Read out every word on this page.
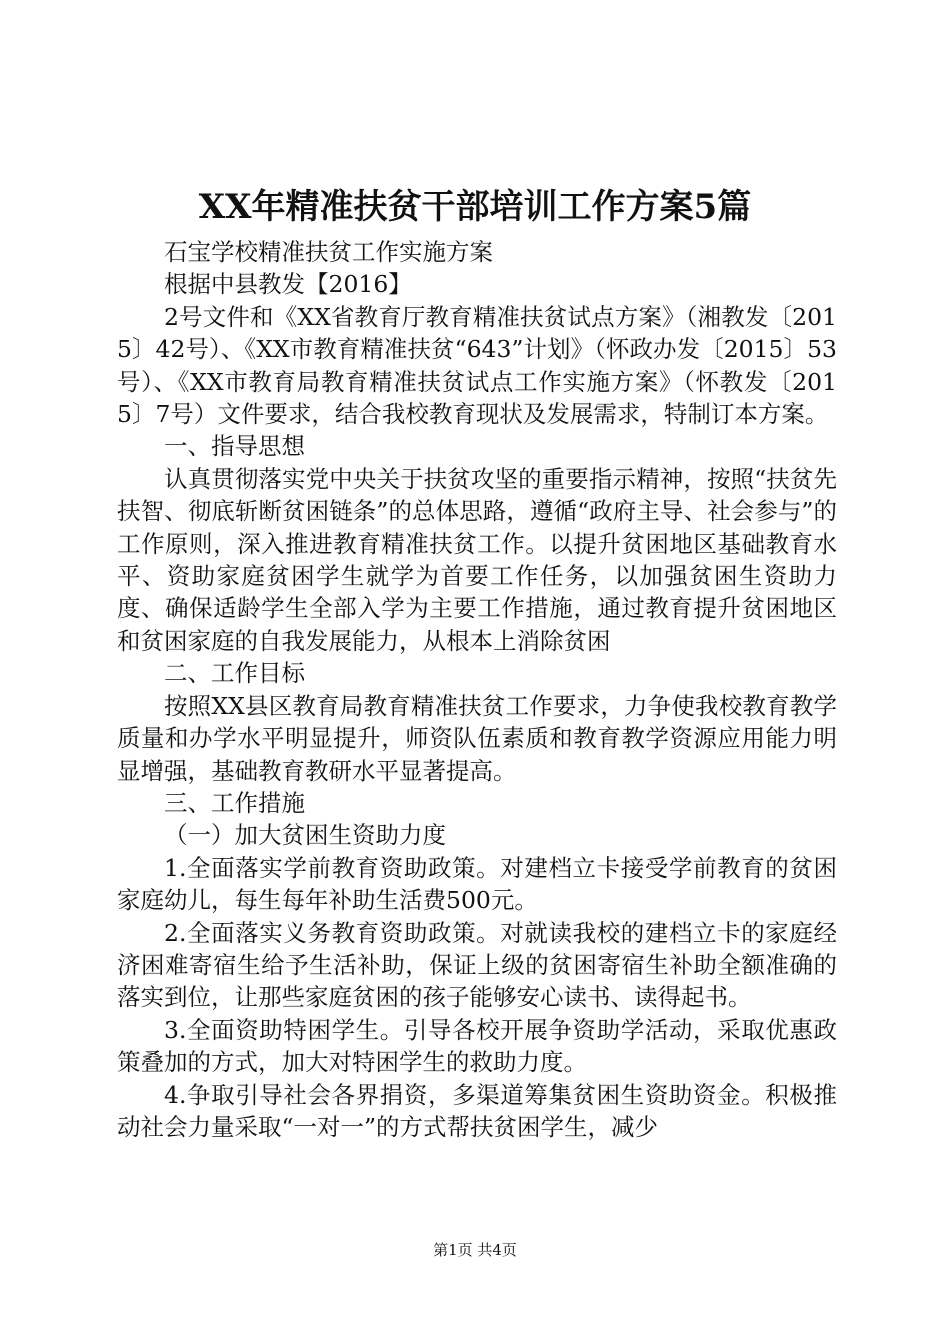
XX年精准扶贫干部培训工作方案5篇

石宝学校精准扶贫工作实施方案

根据中县教发【2016】

2号文件和《XX省教育厅教育精准扶贫试点方案》（湘教发〔2015〕42号）、《XX市教育精准扶贫“643”计划》（怀政办发〔2015〕53号）、《XX市教育局教育精准扶贫试点工作实施方案》（怀教发〔2015〕7号）文件要求，结合我校教育现状及发展需求，特制订本方案。

一、指导思想

认真贯彻落实党中央关于扶贫攻坚的重要指示精神，按照“扶贫先扶智、彻底斩断贫困链条”的总体思路，遵循“政府主导、社会参与”的工作原则，深入推进教育精准扶贫工作。以提升贫困地区基础教育水平、资助家庭贫困学生就学为首要工作任务，以加强贫困生资助力度、确保适龄学生全部入学为主要工作措施，通过教育提升贫困地区和贫困家庭的自我发展能力，从根本上消除贫困

二、工作目标

按照XX县区教育局教育精准扶贫工作要求，力争使我校教育教学质量和办学水平明显提升，师资队伍素质和教育教学资源应用能力明显增强，基础教育教研水平显著提高。

三、工作措施

（一）加大贫困生资助力度

1.全面落实学前教育资助政策。对建档立卡接受学前教育的贫困家庭幼儿，每生每年补助生活费500元。

2.全面落实义务教育资助政策。对就读我校的建档立卡的家庭经济困难寄宿生给予生活补助，保证上级的贫困寄宿生补助全额准确的落实到位，让那些家庭贫困的孩子能够安心读书、读得起书。

3.全面资助特困学生。引导各校开展争资助学活动，采取优惠政策叠加的方式，加大对特困学生的救助力度。

4.争取引导社会各界捐资，多渠道筹集贫困生资助资金。积极推动社会力量采取“一对一”的方式帮扶贫困学生，减少

第1页 共4页
